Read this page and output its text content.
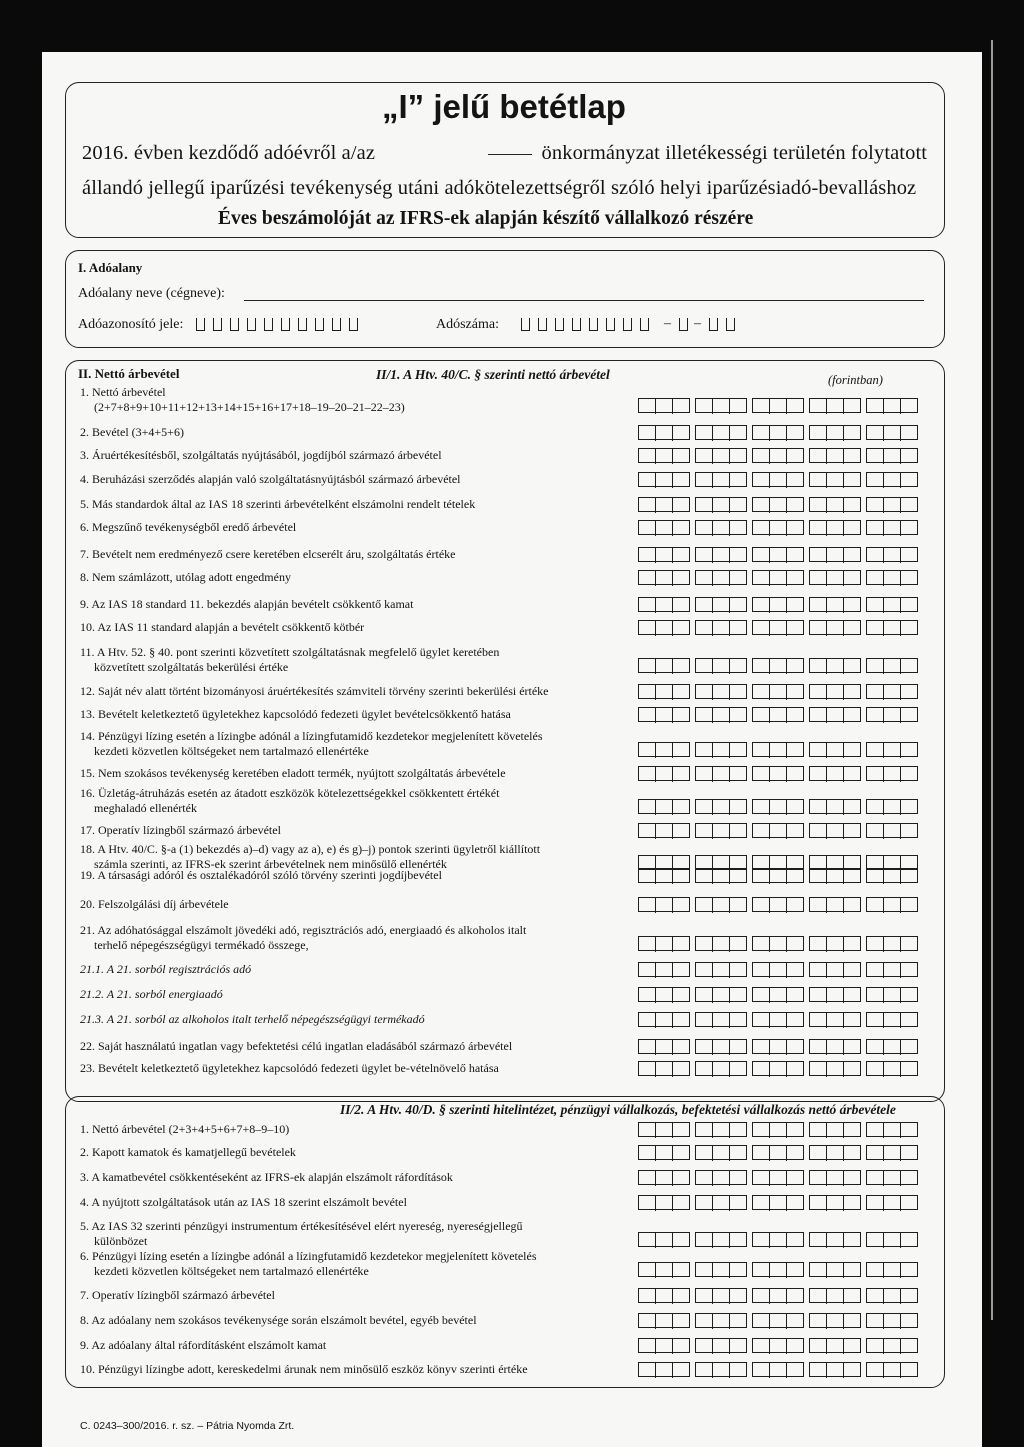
„I” jelű betétlap
2016. évben kezdődő adóévről a/az	önkormányzat illetékességi területén folytatott
állandó jellegű iparűzési tevékenység utáni adókötelezettségről szóló helyi iparűzésiadó-bevalláshoz
Éves beszámolóját az IFRS-ek alapján készítő vállalkozó részére
I. Adóalany
Adóalany neve (cégneve):
Adóazonosító jele:	Adószáma:	– –
II. Nettó árbevétel	II/1. A Htv. 40/C. § szerinti nettó árbevétel	(forintban)
1. Nettó árbevétel
(2+7+8+9+10+11+12+13+14+15+16+17+18–19–20–21–22–23)
2. Bevétel (3+4+5+6)
3. Áruértékesítésből, szolgáltatás nyújtásából, jogdíjból származó árbevétel
4. Beruházási szerződés alapján való szolgáltatásnyújtásból származó árbevétel
5. Más standardok által az IAS 18 szerinti árbevételként elszámolni rendelt tételek
6. Megszűnő tevékenységből eredő árbevétel
7. Bevételt nem eredményező csere keretében elcserélt áru, szolgáltatás értéke
8. Nem számlázott, utólag adott engedmény
9. Az IAS 18 standard 11. bekezdés alapján bevételt csökkentő kamat
10. Az IAS 11 standard alapján a bevételt csökkentő kötbér
11. A Htv. 52. § 40. pont szerinti közvetített szolgáltatásnak megfelelő ügylet keretében
közvetített szolgáltatás bekerülési értéke
12. Saját név alatt történt bizományosi áruértékesítés számviteli törvény szerinti bekerülési értéke
13. Bevételt keletkeztető ügyletekhez kapcsolódó fedezeti ügylet bevételcsökkentő hatása
14. Pénzügyi lízing esetén a lízingbe adónál a lízingfutamidő kezdetekor megjelenített követelés
kezdeti közvetlen költségeket nem tartalmazó ellenértéke
15. Nem szokásos tevékenység keretében eladott termék, nyújtott szolgáltatás árbevétele
16. Üzletág-átruházás esetén az átadott eszközök kötelezettségekkel csökkentett értékét
meghaladó ellenérték
17. Operatív lízingből származó árbevétel
18. A Htv. 40/C. §-a (1) bekezdés a)–d) vagy az a), e) és g)–j) pontok szerinti ügyletről kiállított
számla szerinti, az IFRS-ek szerint árbevételnek nem minősülő ellenérték
19. A társasági adóról és osztalékadóról szóló törvény szerinti jogdíjbevétel
20. Felszolgálási díj árbevétele
21. Az adóhatósággal elszámolt jövedéki adó, regisztrációs adó, energiaadó és alkoholos italt
terhelő népegészségügyi termékadó összege,
21.1. A 21. sorból regisztrációs adó
21.2. A 21. sorból energiaadó
21.3. A 21. sorból az alkoholos italt terhelő népegészségügyi termékadó
22. Saját használatú ingatlan vagy befektetési célú ingatlan eladásából származó árbevétel
23. Bevételt keletkeztető ügyletekhez kapcsolódó fedezeti ügylet be-vételnövelő hatása
II/2. A Htv. 40/D. § szerinti hitelintézet, pénzügyi vállalkozás, befektetési vállalkozás nettó árbevétele
1. Nettó árbevétel (2+3+4+5+6+7+8–9–10)
2. Kapott kamatok és kamatjellegű bevételek
3. A kamatbevétel csökkentéseként az IFRS-ek alapján elszámolt ráfordítások
4. A nyújtott szolgáltatások után az IAS 18 szerint elszámolt bevétel
5. Az IAS 32 szerinti pénzügyi instrumentum értékesítésével elért nyereség, nyereségjellegű
különbözet
6. Pénzügyi lízing esetén a lízingbe adónál a lízingfutamidő kezdetekor megjelenített követelés
kezdeti közvetlen költségeket nem tartalmazó ellenértéke
7. Operatív lízingből származó árbevétel
8. Az adóalany nem szokásos tevékenysége során elszámolt bevétel, egyéb bevétel
9. Az adóalany által ráfordításként elszámolt kamat
10. Pénzügyi lízingbe adott, kereskedelmi árunak nem minősülő eszköz könyv szerinti értéke
C. 0243–300/2016. r. sz. – Pátria Nyomda Zrt.
